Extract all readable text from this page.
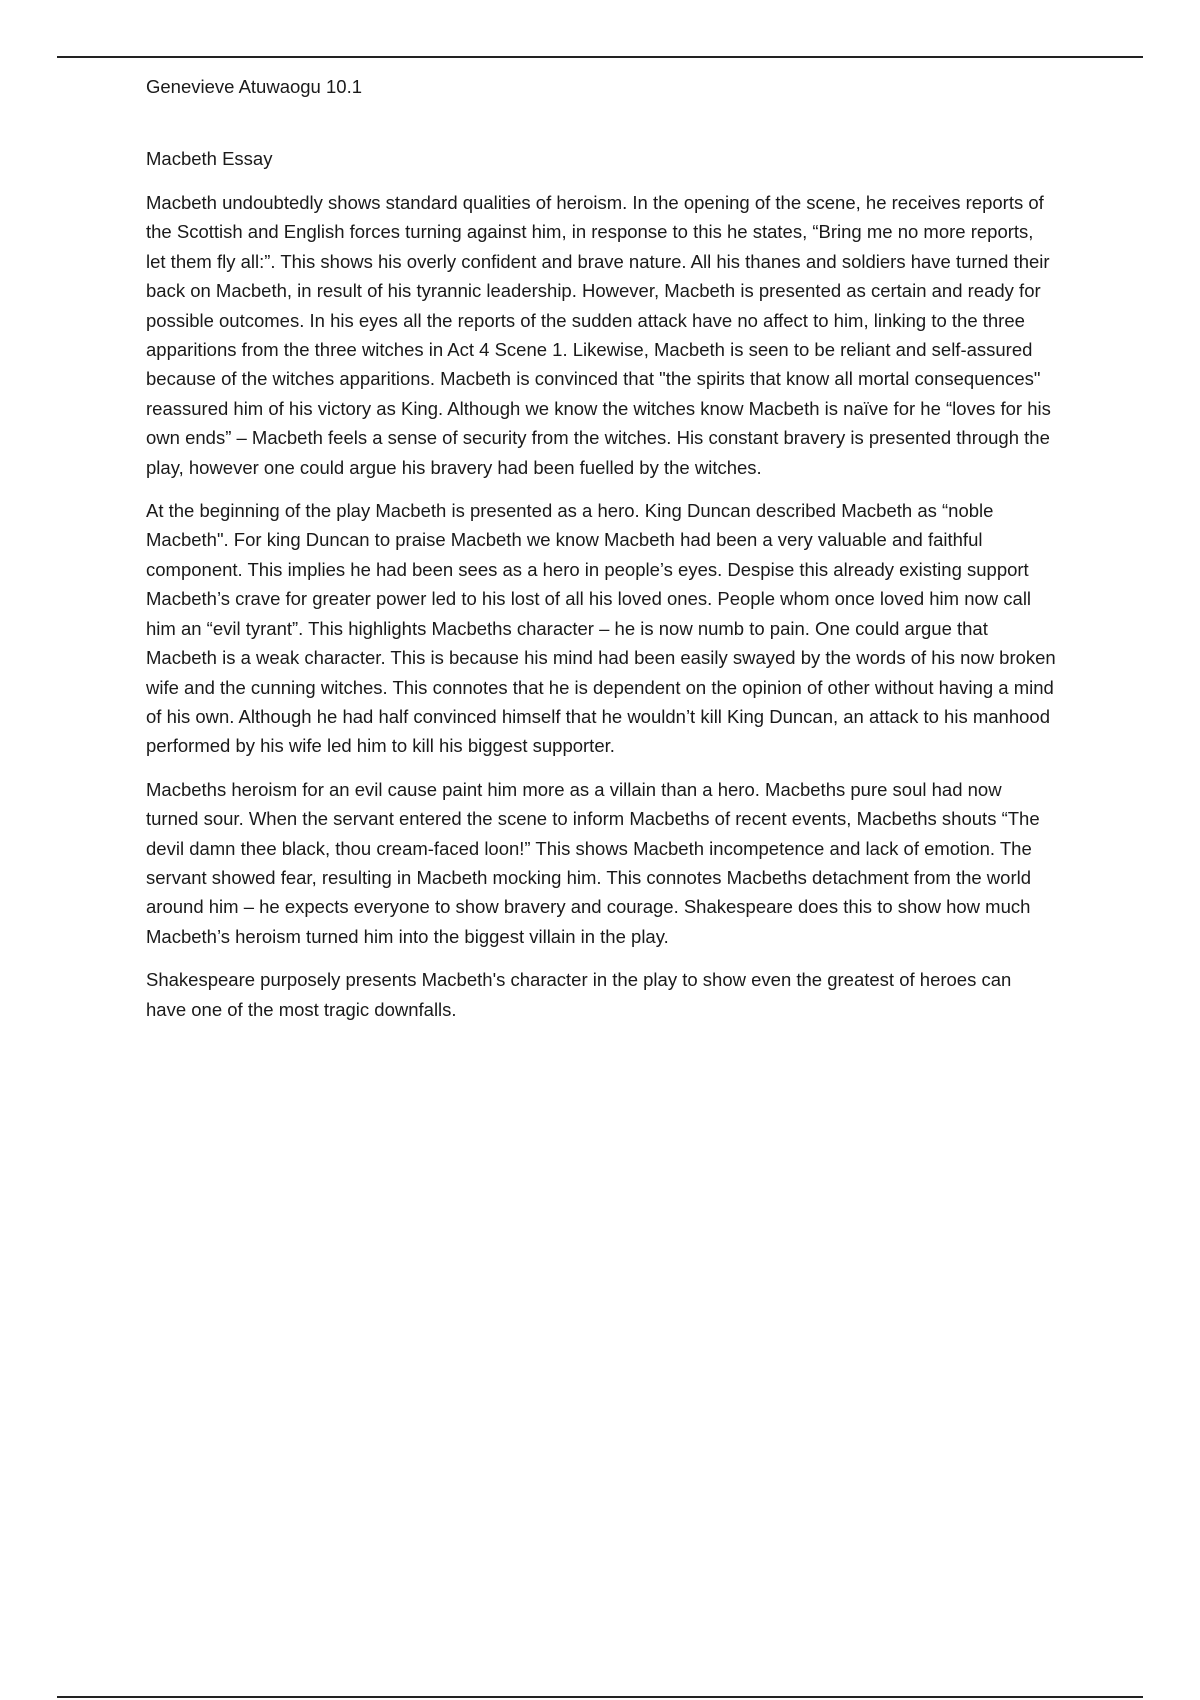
Genevieve Atuwaogu 10.1

Macbeth Essay

Macbeth undoubtedly shows standard qualities of heroism. In the opening of the scene, he receives reports of the Scottish and English forces turning against him, in response to this he states, “Bring me no more reports, let them fly all:”. This shows his overly confident and brave nature. All his thanes and soldiers have turned their back on Macbeth, in result of his tyrannic leadership. However, Macbeth is presented as certain and ready for possible outcomes. In his eyes all the reports of the sudden attack have no affect to him, linking to the three apparitions from the three witches in Act 4 Scene 1. Likewise, Macbeth is seen to be reliant and self-assured because of the witches apparitions. Macbeth is convinced that "the spirits that know all mortal consequences" reassured him of his victory as King. Although we know the witches know Macbeth is naïve for he “loves for his own ends” – Macbeth feels a sense of security from the witches. His constant bravery is presented through the play, however one could argue his bravery had been fuelled by the witches.

At the beginning of the play Macbeth is presented as a hero. King Duncan described Macbeth as “noble Macbeth". For king Duncan to praise Macbeth we know Macbeth had been a very valuable and faithful component. This implies he had been sees as a hero in people’s eyes. Despise this already existing support Macbeth’s crave for greater power led to his lost of all his loved ones. People whom once loved him now call him an “evil tyrant”. This highlights Macbeths character – he is now numb to pain. One could argue that Macbeth is a weak character. This is because his mind had been easily swayed by the words of his now broken wife and the cunning witches. This connotes that he is dependent on the opinion of other without having a mind of his own. Although he had half convinced himself that he wouldn’t kill King Duncan, an attack to his manhood performed by his wife led him to kill his biggest supporter.

Macbeths heroism for an evil cause paint him more as a villain than a hero. Macbeths pure soul had now turned sour. When the servant entered the scene to inform Macbeths of recent events, Macbeths shouts “The devil damn thee black, thou cream-faced loon!” This shows Macbeth incompetence and lack of emotion. The servant showed fear, resulting in Macbeth mocking him. This connotes Macbeths detachment from the world around him – he expects everyone to show bravery and courage. Shakespeare does this to show how much Macbeth’s heroism turned him into the biggest villain in the play.

Shakespeare purposely presents Macbeth's character in the play to show even the greatest of heroes can have one of the most tragic downfalls.
